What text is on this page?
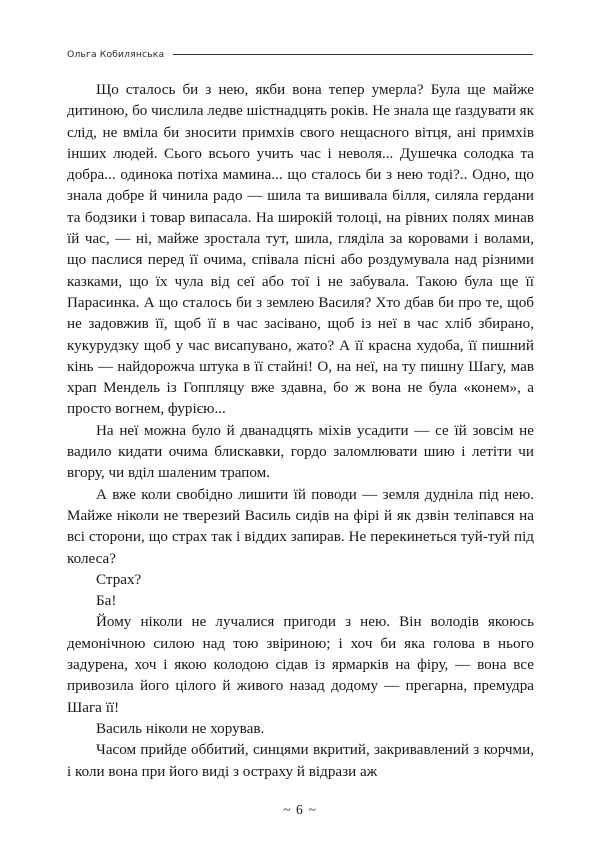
Ольга Кобилянська

Що сталось би з нею, якби вона тепер умерла? Була ще майже дитиною, бо числила ледве шістнадцять років. Не знала ще ґаздувати як слід, не вміла би зносити примхів свого нещасного вітця, ані примхів інших людей. Сього всього учить час і неволя... Душечка солодка та добра... одинока потіха мамина... що сталось би з нею тоді?.. Одно, що знала добре й чинила радо — шила та вишивала білля, силяла гердани та бодзики і товар випасала. На широкій толоці, на рівних полях минав їй час, — ні, майже зростала тут, шила, гляділа за коровами і волами, що паслися перед її очима, співала пісні або роздумувала над різними казками, що їх чула від сеї або тої і не забувала. Такою була ще її Парасинка. А що сталось би з землею Василя? Хто дбав би про те, щоб не задовжив її, щоб її в час засівано, щоб із неї в час хліб збирано, кукурудзку щоб у час висапувано, жато? А її красна худоба, її пишний кінь — найдорожча штука в її стайні! О, на неї, на ту пишну Шагу, мав храп Мендель із Гоппляцу вже здавна, бо ж вона не була «конем», а просто вогнем, фурією...

На неї можна було й дванадцять міхів усадити — се їй зовсім не вадило кидати очима блискавки, гордо заломлювати шию і летіти чи вгору, чи вділ шаленим трапом.

А вже коли свобідно лишити їй поводи — земля дудніла під нею. Майже ніколи не тверезий Василь сидів на фірі й як дзвін теліпався на всі сторони, що страх так і віддих запирав. Не перекинеться туй-туй під колеса?

Страх?

Ба!

Йому ніколи не лучалися пригоди з нею. Він володів якоюсь демонічною силою над тою звіриною; і хоч би яка голова в нього задурена, хоч і якою колодою сідав із ярмарків на фіру, — вона все привозила його цілого й живого назад додому — прегарна, премудра Шага її!

Василь ніколи не хорував.

Часом прийде оббитий, синцями вкритий, закривавлений з корчми, і коли вона при його виді з остраху й відрази аж

~ 6 ~
